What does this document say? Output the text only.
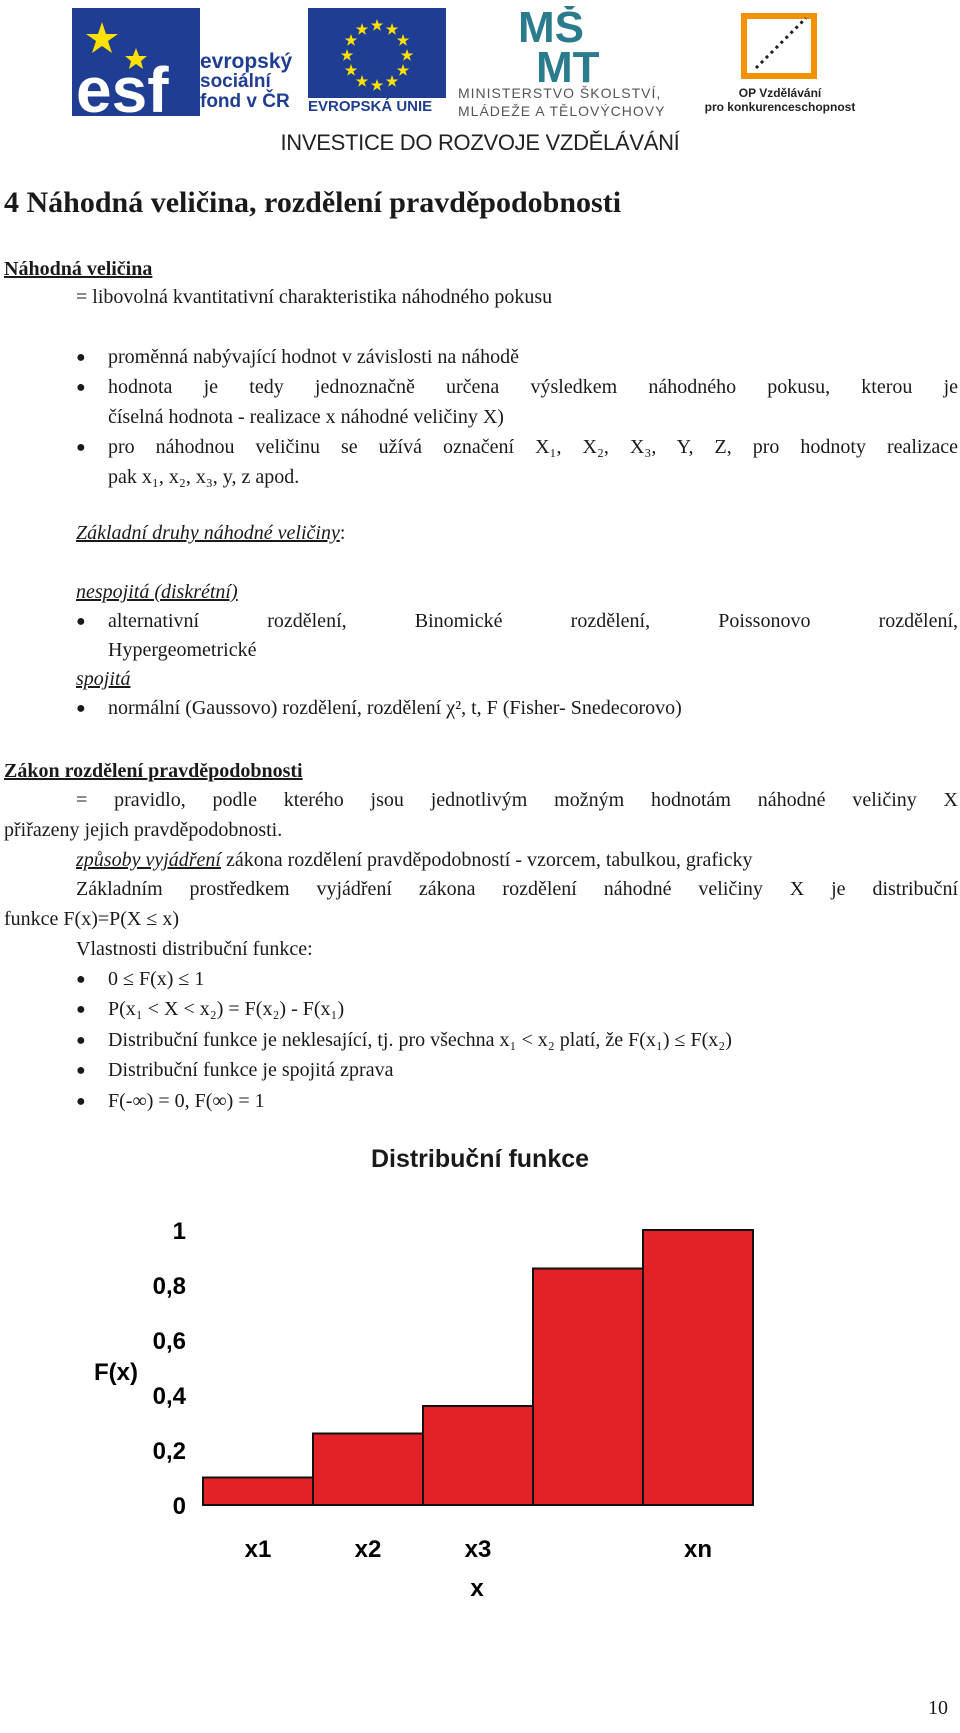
esf evropský
sociální
fond v ČR
★ ★
★
★
★
★
★
★
★
★
★
★
EVROPSKÁ UNIE
MŠ
MT
MINISTERSTVO ŠKOLSTVÍ,
MLÁDEŽE A TĚLOVÝCHOVY
OP Vzdělávání
pro konkurenceschopnost
INVESTICE DO ROZVOJE VZDĚLÁVÁNÍ
4 Náhodná veličina, rozdělení pravděpodobnosti
Náhodná veličina
= libovolná kvantitativní charakteristika náhodného pokusu
● proměnná nabývající hodnot v závislosti na náhodě
● hodnota je tedy jednoznačně určena výsledkem náhodného pokusu, kterou je
číselná hodnota - realizace x náhodné veličiny X)
● pro náhodnou veličinu se užívá označení X₁, X₂, X₃, Y, Z, pro hodnoty realizace
pak x₁, x₂, x₃, y, z apod.
Základní druhy náhodné veličiny:
nespojitá (diskrétní)
● alternativní rozdělení, Binomické rozdělení, Poissonovo rozdělení,
Hypergeometrické
spojitá
● normální (Gaussovo) rozdělení, rozdělení χ², t, F (Fisher- Snedecorovo)
Zákon rozdělení pravděpodobnosti
= pravidlo, podle kterého jsou jednotlivým možným hodnotám náhodné veličiny X
přiřazeny jejich pravděpodobnosti.
způsoby vyjádření zákona rozdělení pravděpodobností - vzorcem, tabulkou, graficky
Základním prostředkem vyjádření zákona rozdělení náhodné veličiny X je distribuční
funkce F(x)=P(X ≤ x)
Vlastnosti distribuční funkce:
● 0 ≤ F(x) ≤ 1
● P(x₁ < X < x₂) = F(x₂) - F(x₁)
● Distribuční funkce je neklesající, tj. pro všechna x₁ < x₂ platí, že F(x₁) ≤ F(x₂)
● Distribuční funkce je spojitá zprava
● F(-∞) = 0, F(∞) = 1
Distribuční funkce
0
0,2
0,4
0,6
0,8
1
x1	x2	x3	xn
F(x)
x
10
